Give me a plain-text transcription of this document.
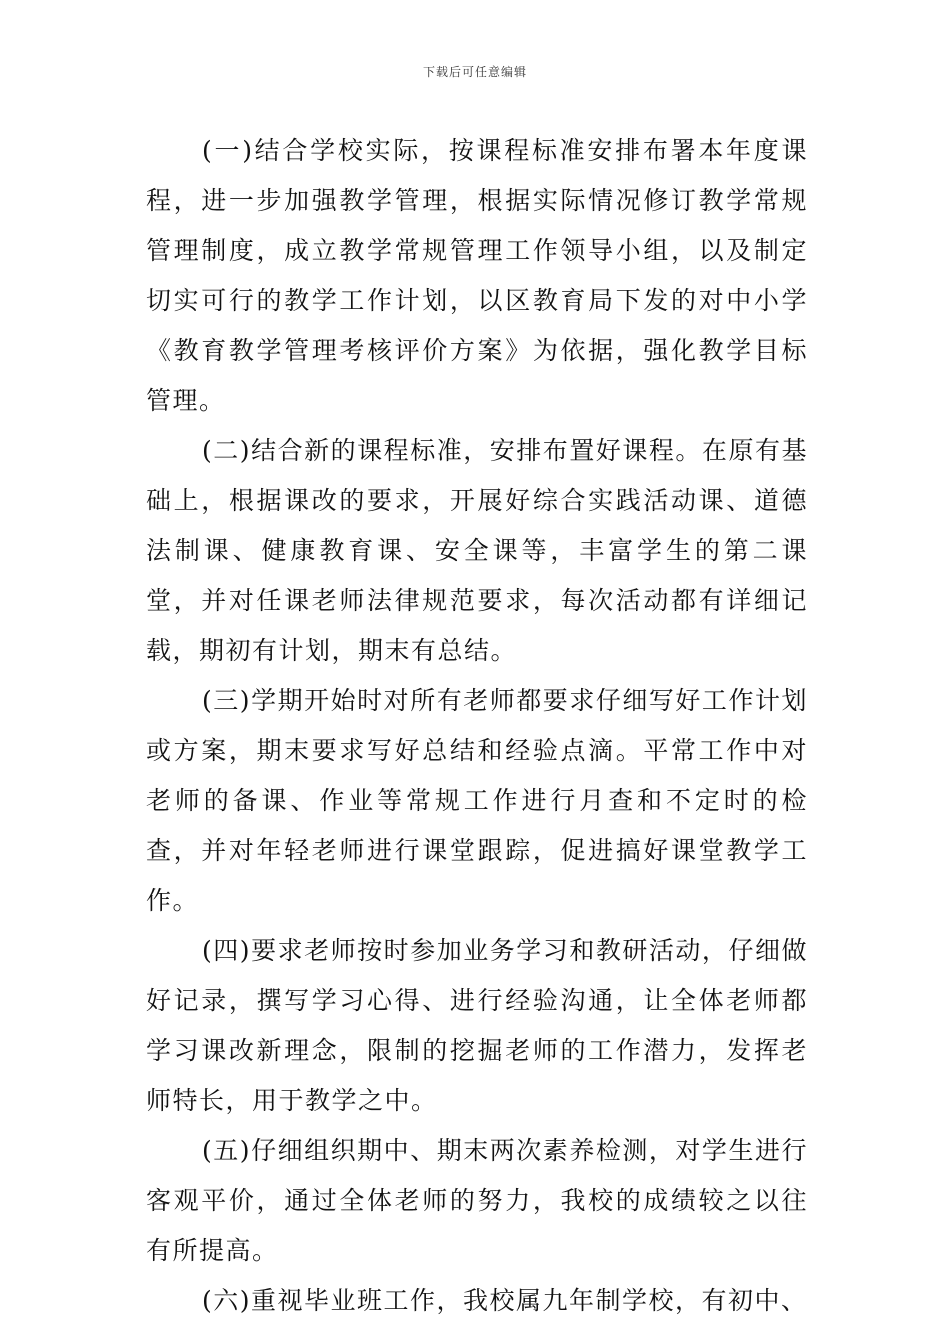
下载后可任意编辑

(一)结合学校实际，按课程标准安排布署本年度课程，进一步加强教学管理，根据实际情况修订教学常规管理制度，成立教学常规管理工作领导小组，以及制定切实可行的教学工作计划，以区教育局下发的对中小学《教育教学管理考核评价方案》为依据，强化教学目标管理。

(二)结合新的课程标准，安排布置好课程。在原有基础上，根据课改的要求，开展好综合实践活动课、道德法制课、健康教育课、安全课等，丰富学生的第二课堂，并对任课老师法律规范要求，每次活动都有详细记载，期初有计划，期末有总结。

(三)学期开始时对所有老师都要求仔细写好工作计划或方案，期末要求写好总结和经验点滴。平常工作中对老师的备课、作业等常规工作进行月查和不定时的检查，并对年轻老师进行课堂跟踪，促进搞好课堂教学工作。

(四)要求老师按时参加业务学习和教研活动，仔细做好记录，撰写学习心得、进行经验沟通，让全体老师都学习课改新理念，限制的挖掘老师的工作潜力，发挥老师特长，用于教学之中。

(五)仔细组织期中、期末两次素养检测，对学生进行客观平价，通过全体老师的努力，我校的成绩较之以往有所提高。

(六)重视毕业班工作，我校属九年制学校，有初中、
